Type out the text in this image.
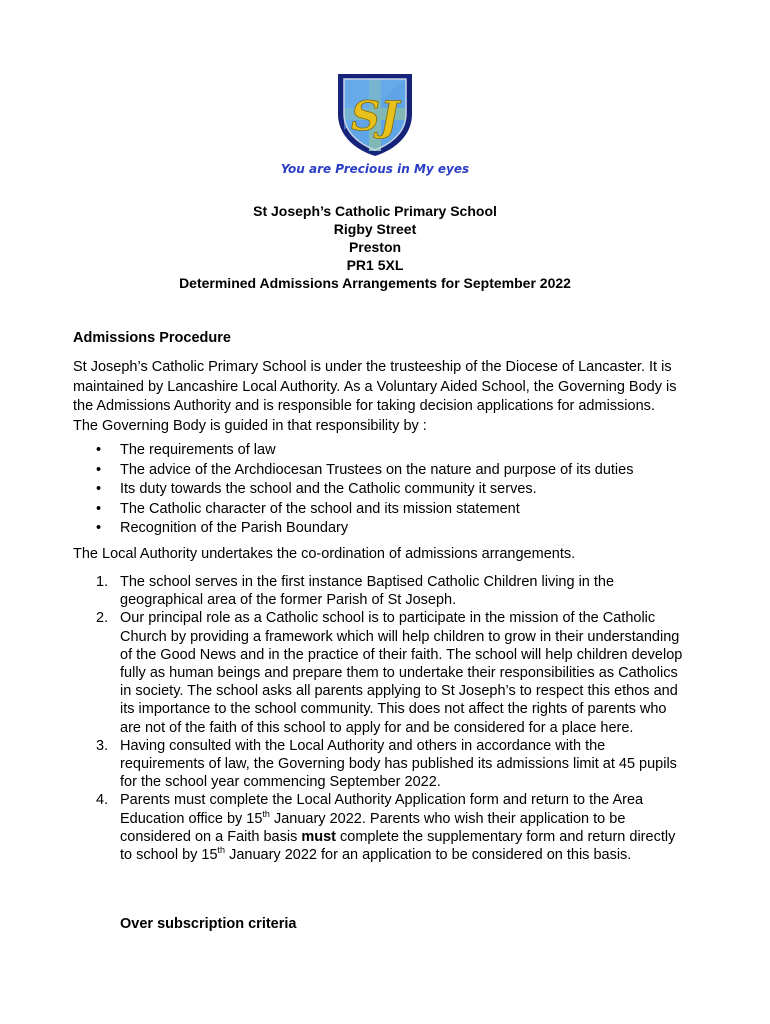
SJ
You are Precious in My eyes
St Joseph’s Catholic Primary School
Rigby Street
Preston
PR1 5XL
Determined Admissions Arrangements for September 2022
Admissions Procedure
St Joseph’s Catholic Primary School is under the trusteeship of the Diocese of Lancaster. It is maintained by Lancashire Local Authority. As a Voluntary Aided School, the Governing Body is the Admissions Authority and is responsible for taking decision applications for admissions. The Governing Body is guided in that responsibility by :
• The requirements of law
• The advice of the Archdiocesan Trustees on the nature and purpose of its duties
• Its duty towards the school and the Catholic community it serves.
• The Catholic character of the school and its mission statement
• Recognition of the Parish Boundary
The Local Authority undertakes the co-ordination of admissions arrangements.
1. The school serves in the first instance Baptised Catholic Children living in the geographical area of the former Parish of St Joseph.
2. Our principal role as a Catholic school is to participate in the mission of the Catholic Church by providing a framework which will help children to grow in their understanding of the Good News and in the practice of their faith. The school will help children develop fully as human beings and prepare them to undertake their responsibilities as Catholics in society. The school asks all parents applying to St Joseph’s to respect this ethos and its importance to the school community. This does not affect the rights of parents who are not of the faith of this school to apply for and be considered for a place here.
3. Having consulted with the Local Authority and others in accordance with the requirements of law, the Governing body has published its admissions limit at 45 pupils for the school year commencing September 2022.
4. Parents must complete the Local Authority Application form and return to the Area Education office by 15th January 2022. Parents who wish their application to be considered on a Faith basis must complete the supplementary form and return directly to school by 15th January 2022 for an application to be considered on this basis.
Over subscription criteria
